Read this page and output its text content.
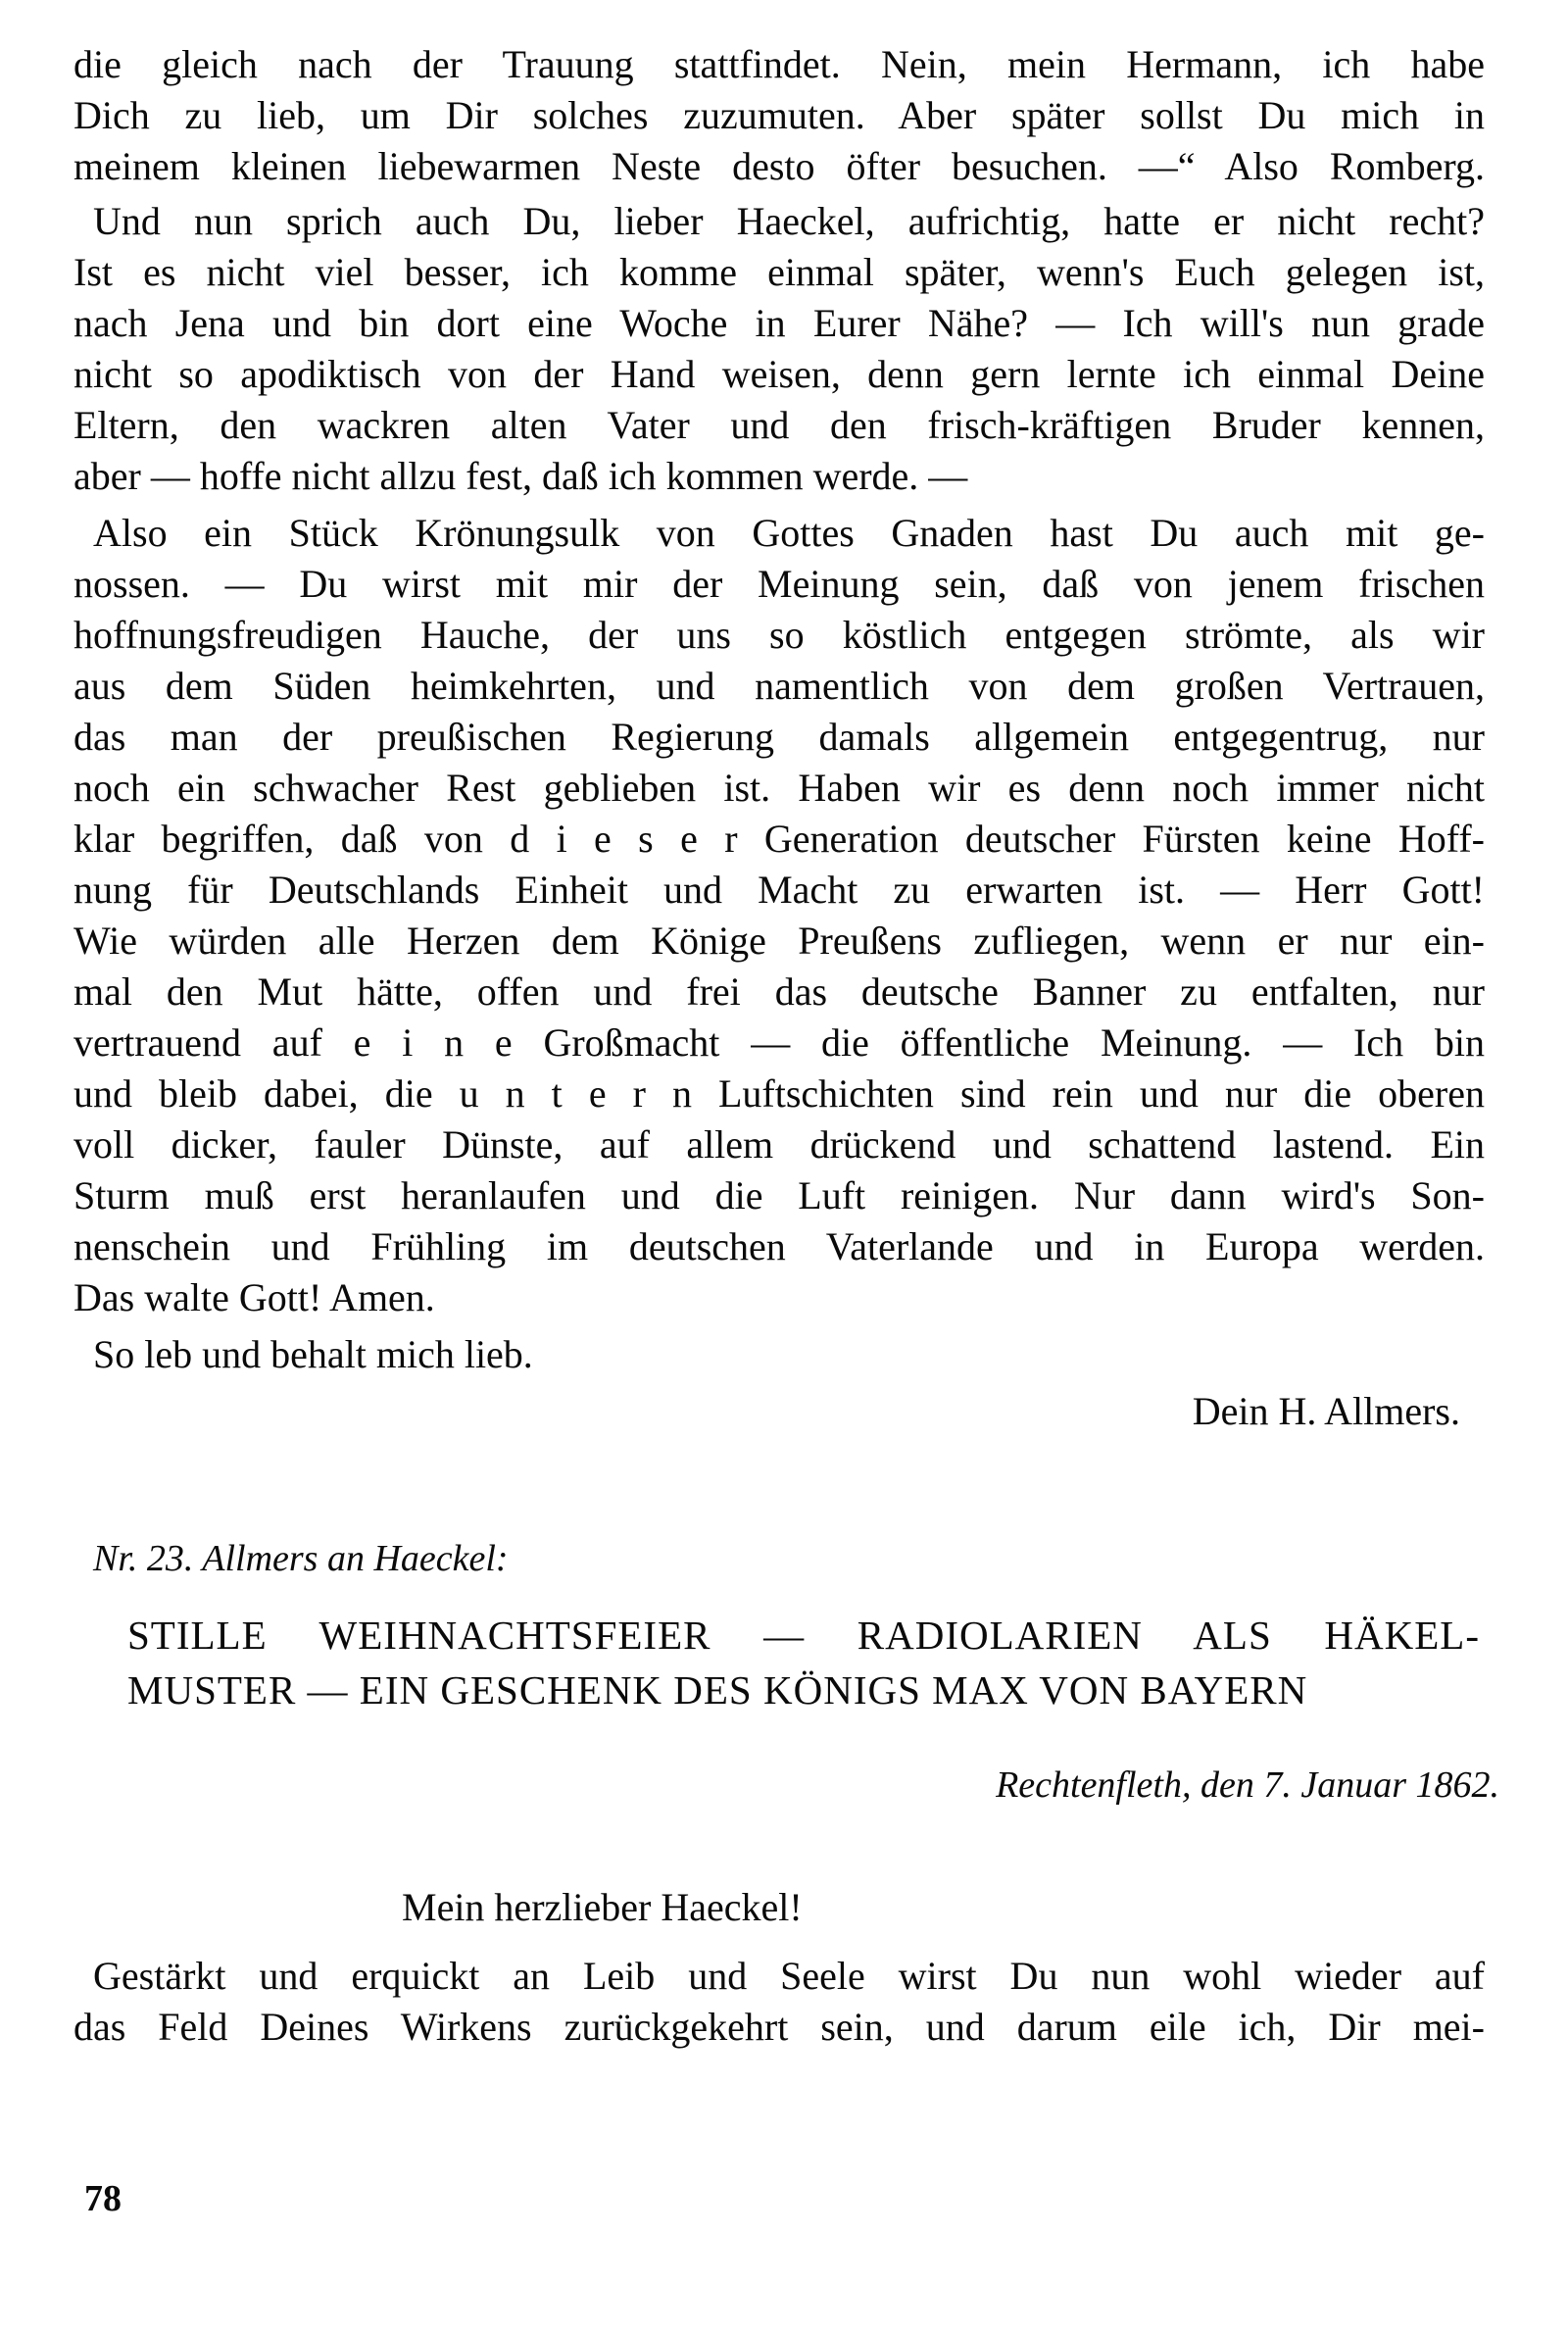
die gleich nach der Trauung stattfindet. Nein, mein Hermann, ich habe
Dich zu lieb, um Dir solches zuzumuten. Aber später sollst Du mich in
meinem kleinen liebewarmen Neste desto öfter besuchen. —“ Also Romberg.
Und nun sprich auch Du, lieber Haeckel, aufrichtig, hatte er nicht recht?
Ist es nicht viel besser, ich komme einmal später, wenn's Euch gelegen ist,
nach Jena und bin dort eine Woche in Eurer Nähe? — Ich will's nun grade
nicht so apodiktisch von der Hand weisen, denn gern lernte ich einmal Deine
Eltern, den wackren alten Vater und den frisch-kräftigen Bruder kennen,
aber — hoffe nicht allzu fest, daß ich kommen werde. —
Also ein Stück Krönungsulk von Gottes Gnaden hast Du auch mit ge-
nossen. — Du wirst mit mir der Meinung sein, daß von jenem frischen
hoffnungsfreudigen Hauche, der uns so köstlich entgegen strömte, als wir
aus dem Süden heimkehrten, und namentlich von dem großen Vertrauen,
das man der preußischen Regierung damals allgemein entgegentrug, nur
noch ein schwacher Rest geblieben ist. Haben wir es denn noch immer nicht
klar begriffen, daß von d i e s e r Generation deutscher Fürsten keine Hoff-
nung für Deutschlands Einheit und Macht zu erwarten ist. — Herr Gott!
Wie würden alle Herzen dem Könige Preußens zufliegen, wenn er nur ein-
mal den Mut hätte, offen und frei das deutsche Banner zu entfalten, nur
vertrauend auf e i n e Großmacht — die öffentliche Meinung. — Ich bin
und bleib dabei, die u n t e r n Luftschichten sind rein und nur die oberen
voll dicker, fauler Dünste, auf allem drückend und schattend lastend. Ein
Sturm muß erst heranlaufen und die Luft reinigen. Nur dann wird's Son-
nenschein und Frühling im deutschen Vaterlande und in Europa werden.
Das walte Gott! Amen.
So leb und behalt mich lieb.
Dein H. Allmers.
Nr. 23. Allmers an Haeckel:
STILLE WEIHNACHTSFEIER — RADIOLARIEN ALS HÄKEL-
MUSTER — EIN GESCHENK DES KÖNIGS MAX VON BAYERN
Rechtenfleth, den 7. Januar 1862.
Mein herzlieber Haeckel!
Gestärkt und erquickt an Leib und Seele wirst Du nun wohl wieder auf
das Feld Deines Wirkens zurückgekehrt sein, und darum eile ich, Dir mei-
78
